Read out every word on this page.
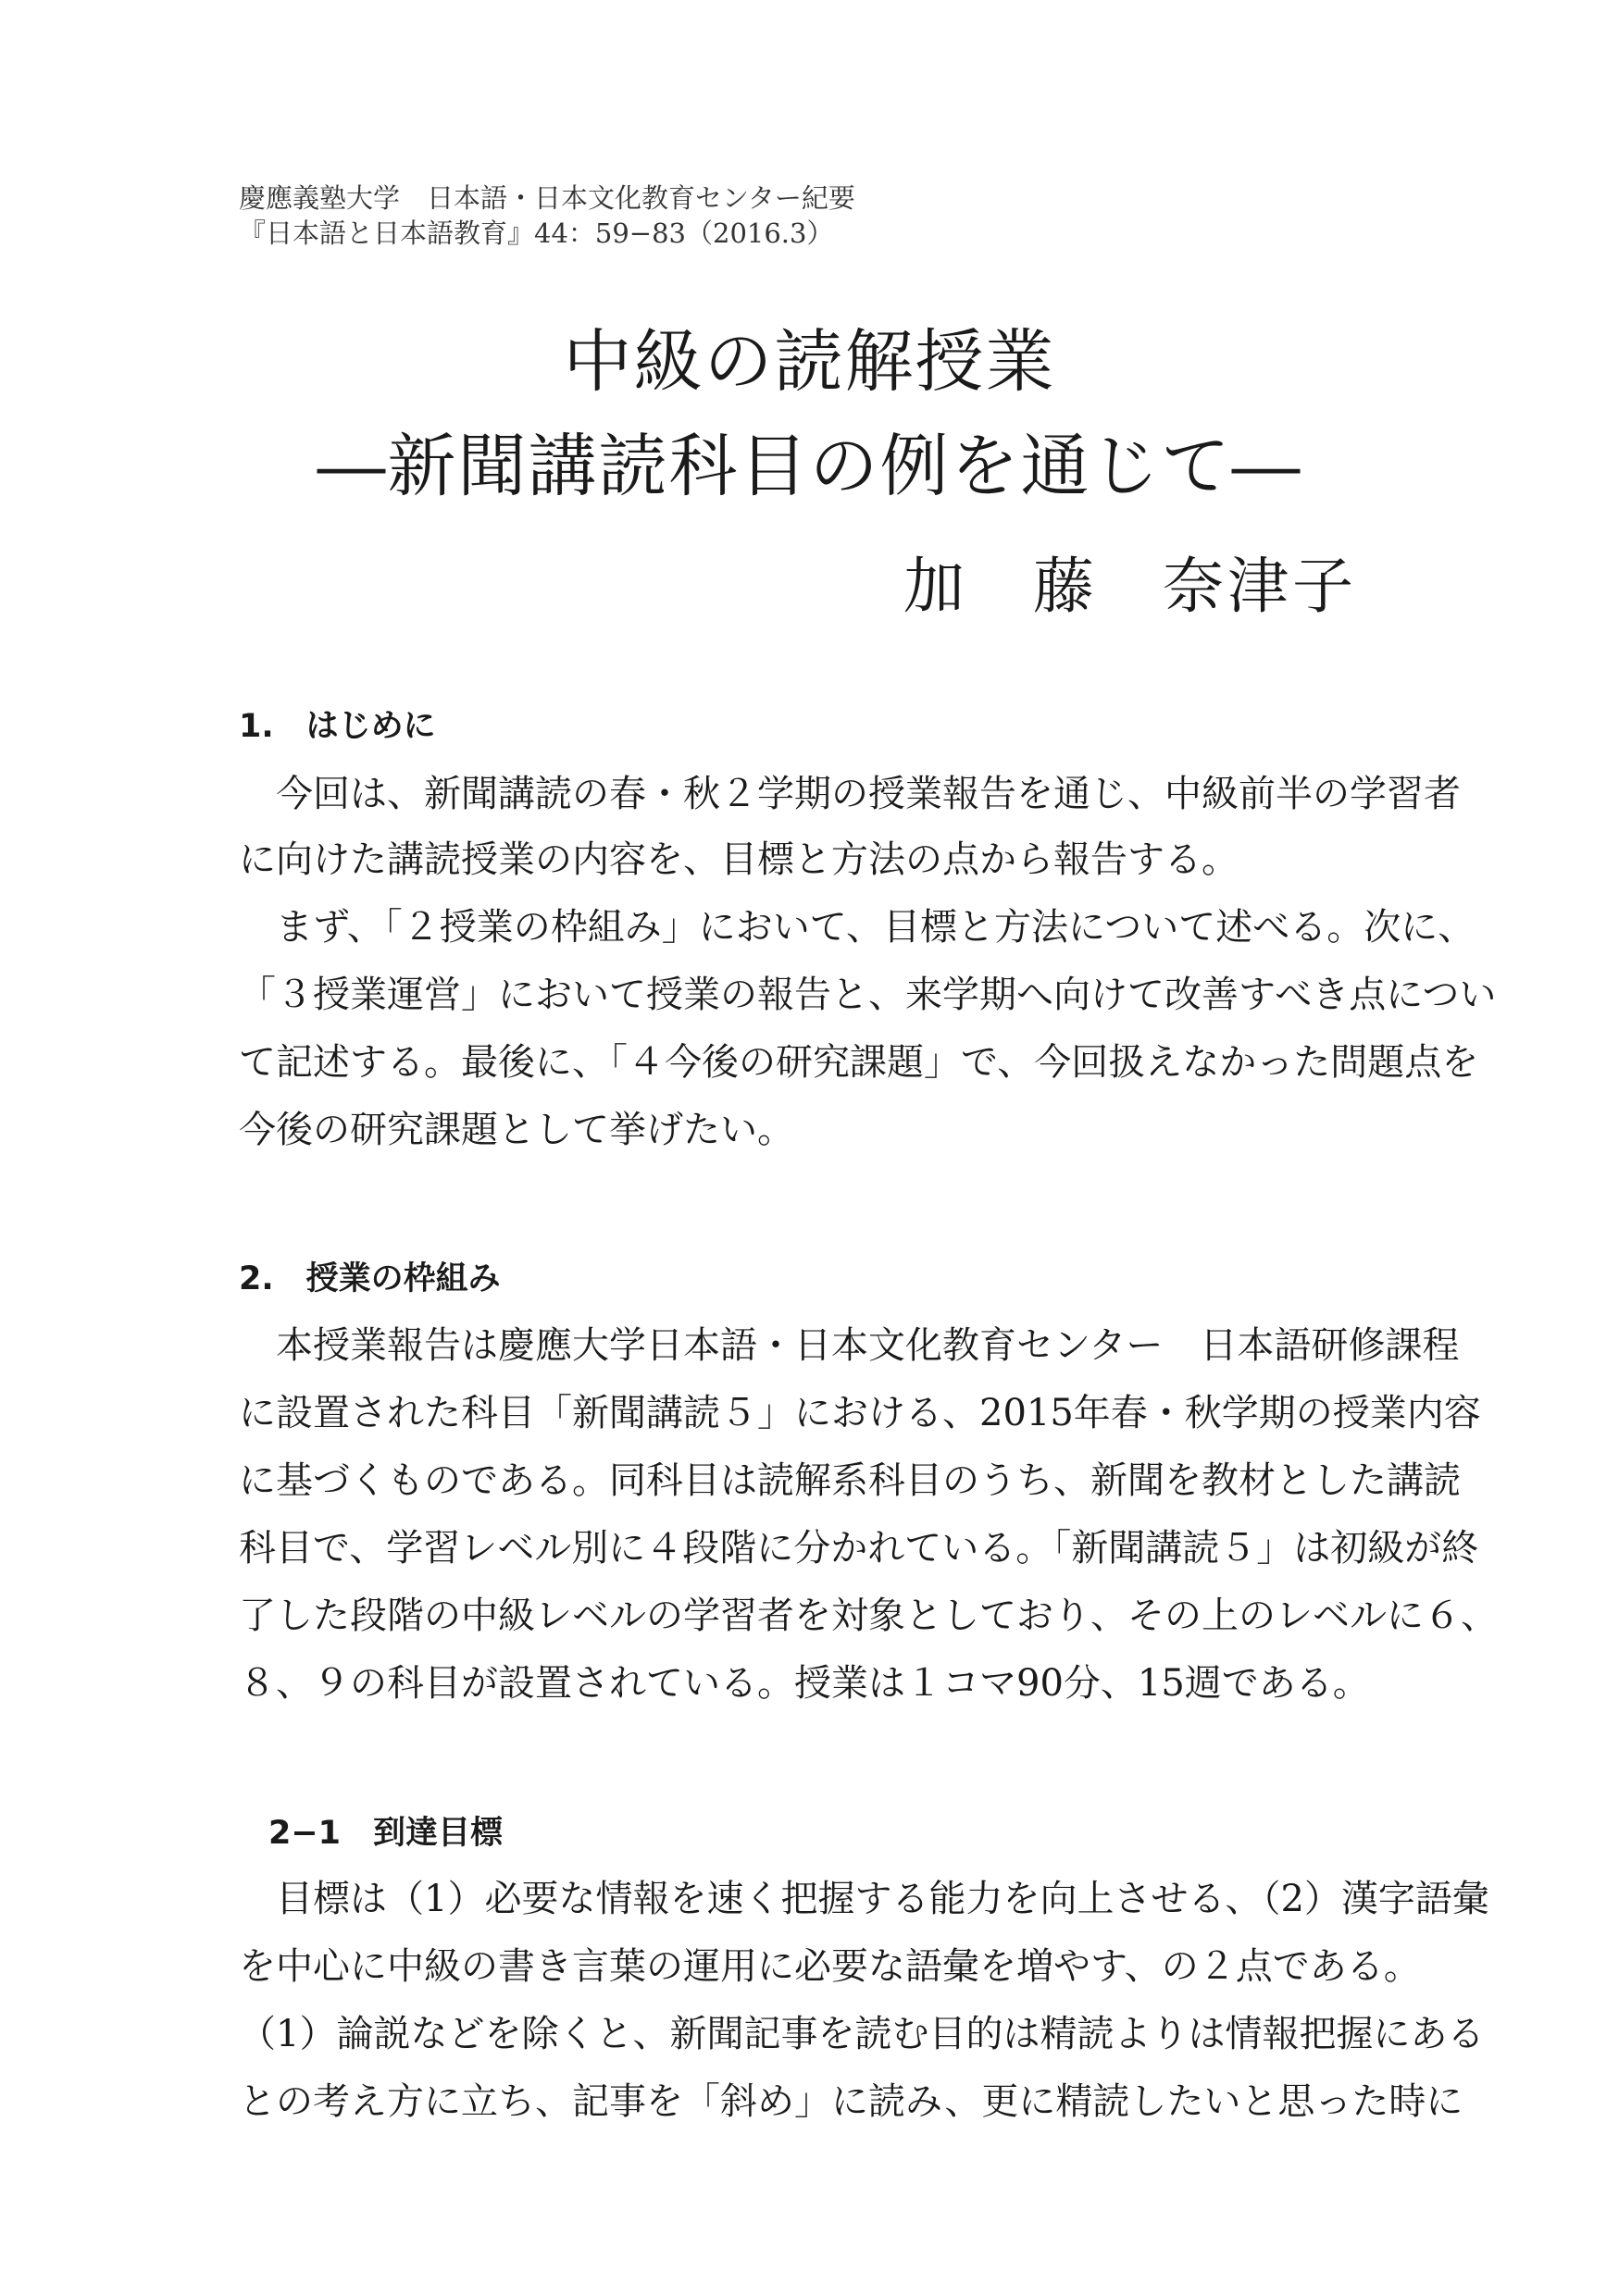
慶應義塾大学　日本語・日本文化教育センター紀要
『日本語と日本語教育』44：59−83（2016.3）
中級の読解授業
―新聞講読科目の例を通じて―
加　藤　奈津子
1.　はじめに
　今回は、新聞講読の春・秋２学期の授業報告を通じ、中級前半の学習者
に向けた講読授業の内容を、目標と方法の点から報告する。
　まず、「２授業の枠組み」において、目標と方法について述べる。次に、
「３授業運営」において授業の報告と、来学期へ向けて改善すべき点につい
て記述する。最後に、「４今後の研究課題」で、今回扱えなかった問題点を
今後の研究課題として挙げたい。
2.　授業の枠組み
　本授業報告は慶應大学日本語・日本文化教育センター　日本語研修課程
に設置された科目「新聞講読５」における、2015年春・秋学期の授業内容
に基づくものである。同科目は読解系科目のうち、新聞を教材とした講読
科目で、学習レベル別に４段階に分かれている。「新聞講読５」は初級が終
了した段階の中級レベルの学習者を対象としており、その上のレベルに６、
８、９の科目が設置されている。授業は１コマ90分、15週である。
2−1　到達目標
　目標は（1）必要な情報を速く把握する能力を向上させる、（2）漢字語彙
を中心に中級の書き言葉の運用に必要な語彙を増やす、の２点である。
（1）論説などを除くと、新聞記事を読む目的は精読よりは情報把握にある
との考え方に立ち、記事を「斜め」に読み、更に精読したいと思った時に
